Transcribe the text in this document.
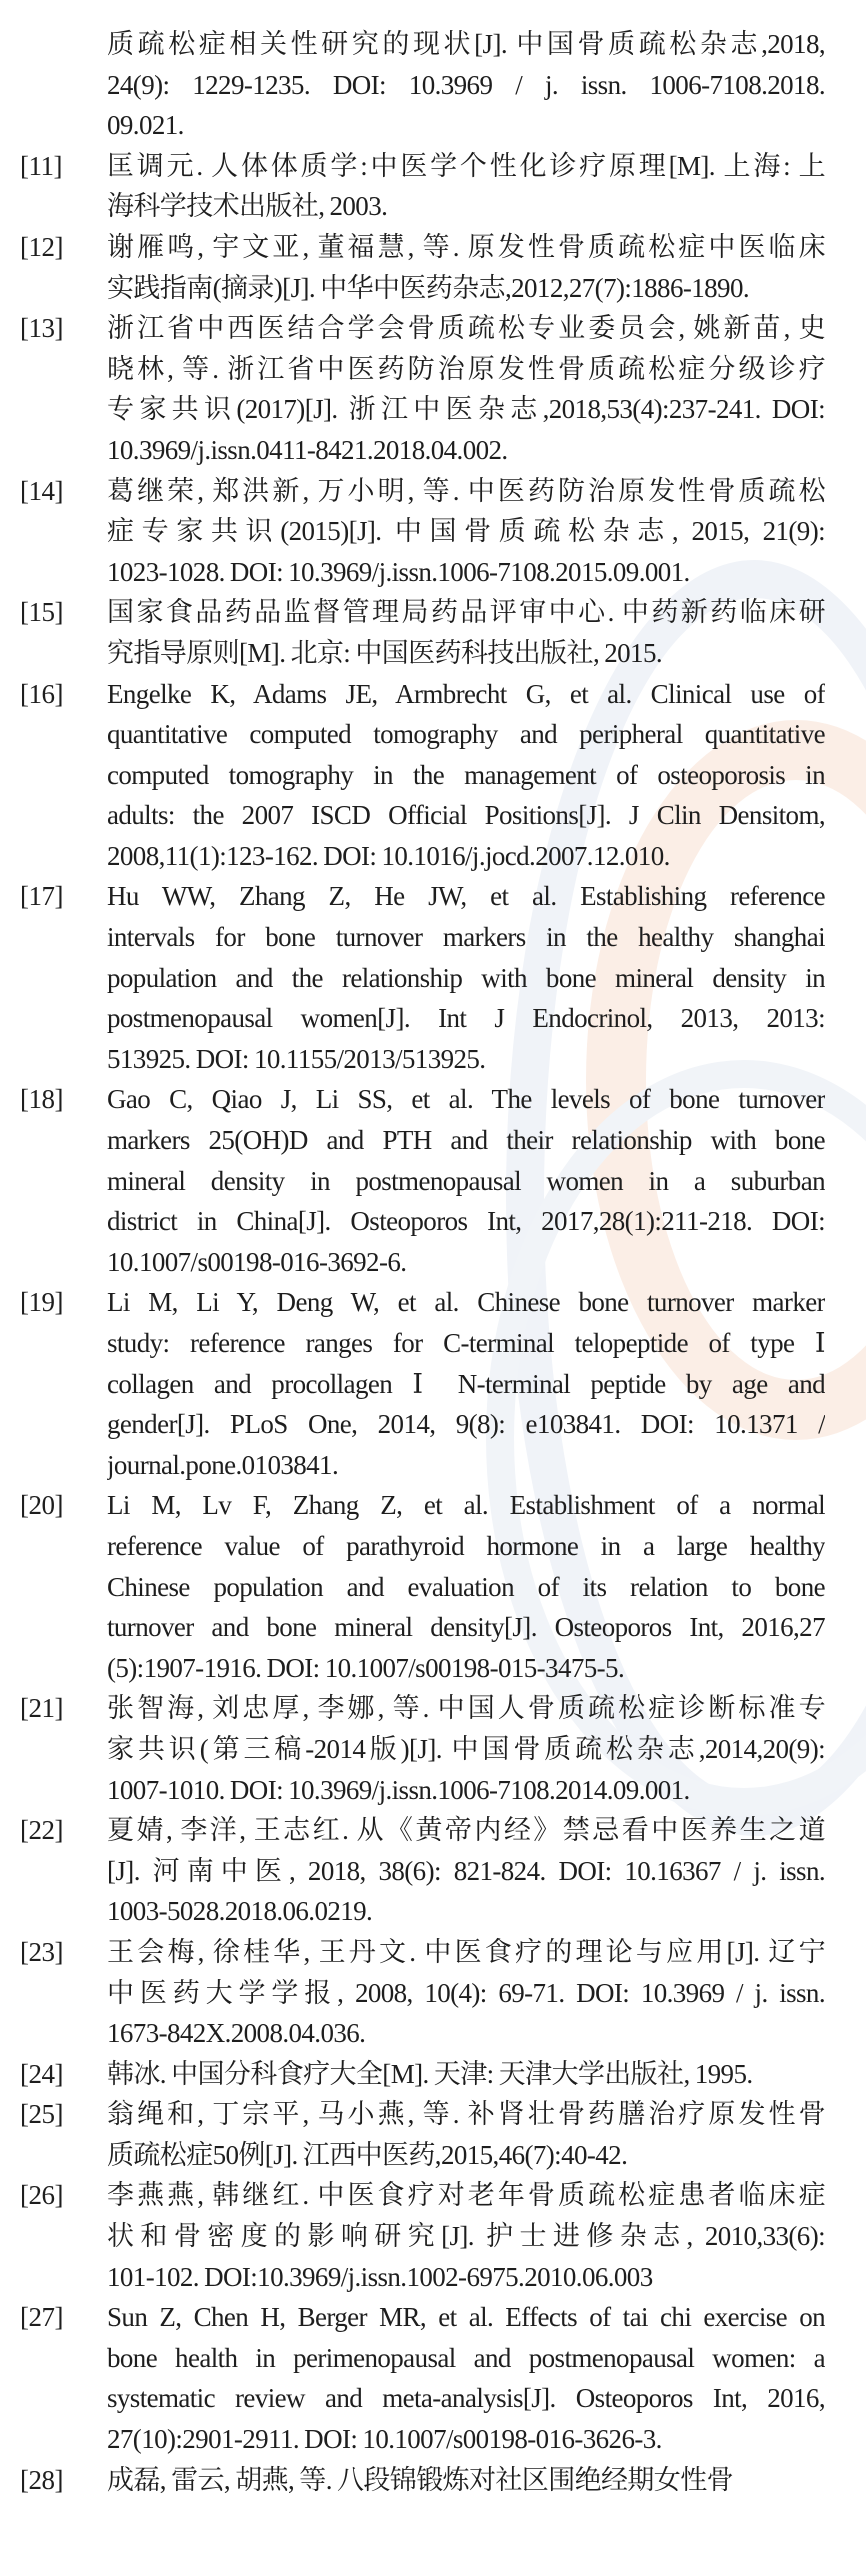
质疏松症相关性研究的现状[J]. 中国骨质疏松杂志,2018,
24(9): 1229-1235. DOI: 10.3969 / j. issn. 1006-7108.2018.
09.021.
[11]	匡调元. 人体体质学:中医学个性化诊疗原理[M]. 上海: 上
海科学技术出版社, 2003.
[12]	谢雁鸣, 宇文亚, 董福慧, 等. 原发性骨质疏松症中医临床
实践指南(摘录)[J]. 中华中医药杂志,2012,27(7):1886-1890.
[13]	浙江省中西医结合学会骨质疏松专业委员会, 姚新苗, 史
晓林, 等. 浙江省中医药防治原发性骨质疏松症分级诊疗
专家共识(2017)[J]. 浙江中医杂志,2018,53(4):237-241. DOI:
10.3969/j.issn.0411-8421.2018.04.002.
[14]	葛继荣, 郑洪新, 万小明, 等. 中医药防治原发性骨质疏松
症专家共识(2015)[J]. 中国骨质疏松杂志, 2015, 21(9):
1023-1028. DOI: 10.3969/j.issn.1006-7108.2015.09.001.
[15]	国家食品药品监督管理局药品评审中心. 中药新药临床研
究指导原则[M]. 北京: 中国医药科技出版社, 2015.
[16]	Engelke K, Adams JE, Armbrecht G, et al. Clinical use of
quantitative computed tomography and peripheral quantitative
computed tomography in the management of osteoporosis in
adults: the 2007 ISCD Official Positions[J]. J Clin Densitom,
2008,11(1):123-162. DOI: 10.1016/j.jocd.2007.12.010.
[17]	Hu WW, Zhang Z, He JW, et al. Establishing reference
intervals for bone turnover markers in the healthy shanghai
population and the relationship with bone mineral density in
postmenopausal women[J]. Int J Endocrinol, 2013, 2013:
513925. DOI: 10.1155/2013/513925.
[18]	Gao C, Qiao J, Li SS, et al. The levels of bone turnover
markers 25(OH)D and PTH and their relationship with bone
mineral density in postmenopausal women in a suburban
district in China[J]. Osteoporos Int, 2017,28(1):211-218. DOI:
10.1007/s00198-016-3692-6.
[19]	Li M, Li Y, Deng W, et al. Chinese bone turnover marker
study: reference ranges for C-terminal telopeptide of type Ⅰ
collagen and procollagen Ⅰ N-terminal peptide by age and
gender[J]. PLoS One, 2014, 9(8): e103841. DOI: 10.1371 /
journal.pone.0103841.
[20]	Li M, Lv F, Zhang Z, et al. Establishment of a normal
reference value of parathyroid hormone in a large healthy
Chinese population and evaluation of its relation to bone
turnover and bone mineral density[J]. Osteoporos Int, 2016,27
(5):1907-1916. DOI: 10.1007/s00198-015-3475-5.
[21]	张智海, 刘忠厚, 李娜, 等. 中国人骨质疏松症诊断标准专
家共识(第三稿-2014版)[J]. 中国骨质疏松杂志,2014,20(9):
1007-1010. DOI: 10.3969/j.issn.1006-7108.2014.09.001.
[22]	夏婧, 李洋, 王志红. 从《黄帝内经》禁忌看中医养生之道
[J]. 河南中医, 2018, 38(6): 821-824. DOI: 10.16367 / j. issn.
1003-5028.2018.06.0219.
[23]	王会梅, 徐桂华, 王丹文. 中医食疗的理论与应用[J]. 辽宁
中医药大学学报, 2008, 10(4): 69-71. DOI: 10.3969 / j. issn.
1673-842X.2008.04.036.
[24]	韩冰. 中国分科食疗大全[M]. 天津: 天津大学出版社, 1995.
[25]	翁绳和, 丁宗平, 马小燕, 等. 补肾壮骨药膳治疗原发性骨
质疏松症50例[J]. 江西中医药,2015,46(7):40-42.
[26]	李燕燕, 韩继红. 中医食疗对老年骨质疏松症患者临床症
状和骨密度的影响研究[J]. 护士进修杂志, 2010,33(6):
101-102. DOI:10.3969/j.issn.1002-6975.2010.06.003
[27]	Sun Z, Chen H, Berger MR, et al. Effects of tai chi exercise on
bone health in perimenopausal and postmenopausal women: a
systematic review and meta-analysis[J]. Osteoporos Int, 2016,
27(10):2901-2911. DOI: 10.1007/s00198-016-3626-3.
[28]	成磊, 雷云, 胡燕, 等. 八段锦锻炼对社区围绝经期女性骨
